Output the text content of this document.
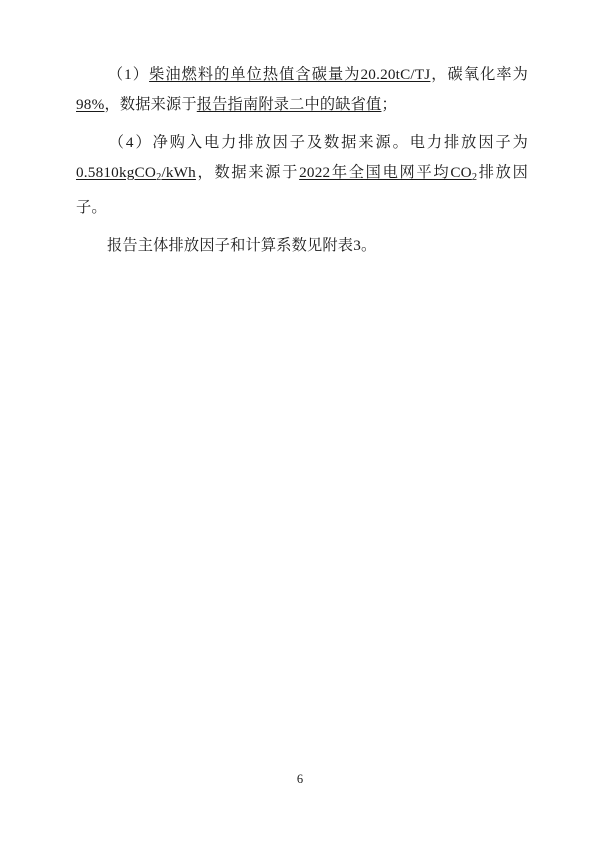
（1）柴油燃料的单位热值含碳量为20.20tC/TJ，碳氧化率为98%，数据来源于报告指南附录二中的缺省值；

（4）净购入电力排放因子及数据来源。电力排放因子为0.5810kgCO$_2$/kWh，数据来源于2022年全国电网平均$CO_2$排放因子。

报告主体排放因子和计算系数见附表3。

6
